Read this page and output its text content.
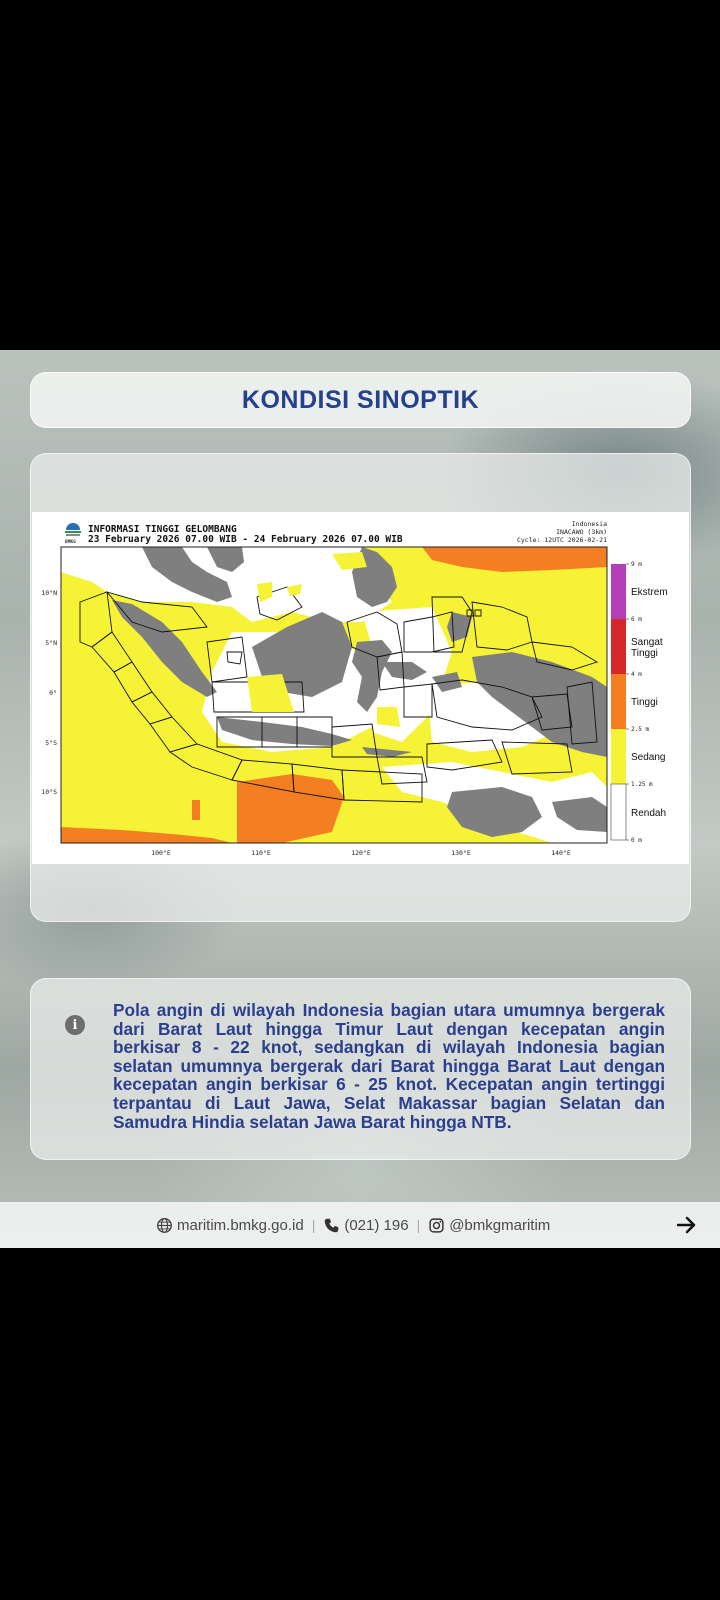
KONDISI SINOPTIK
BMKG
INFORMASI TINGGI GELOMBANG
23 February 2026 07.00 WIB - 24 February 2026 07.00 WIB
Indonesia
INACAWO (3km)
Cycle: 12UTC 2026-02-21
10°N
5°N
0°
5°S
10°S
100°E	110°E	120°E	130°E	140°E
9 m
6 m
4 m
2.5 m
1.25 m
0 m
Ekstrem
Sangat
Tinggi
Tinggi
Sedang
Rendah
i

Pola angin di wilayah Indonesia bagian utara umumnya bergerak dari Barat Laut hingga Timur Laut dengan kecepatan angin berkisar 8 - 22 knot, sedangkan di wilayah Indonesia bagian selatan umumnya bergerak dari Barat hingga Barat Laut dengan kecepatan angin berkisar 6 - 25 knot. Kecepatan angin tertinggi terpantau di Laut Jawa, Selat Makassar bagian Selatan dan Samudra Hindia selatan Jawa Barat hingga NTB.

maritim.bmkg.go.id | (021) 196 | @bmkgmaritim
